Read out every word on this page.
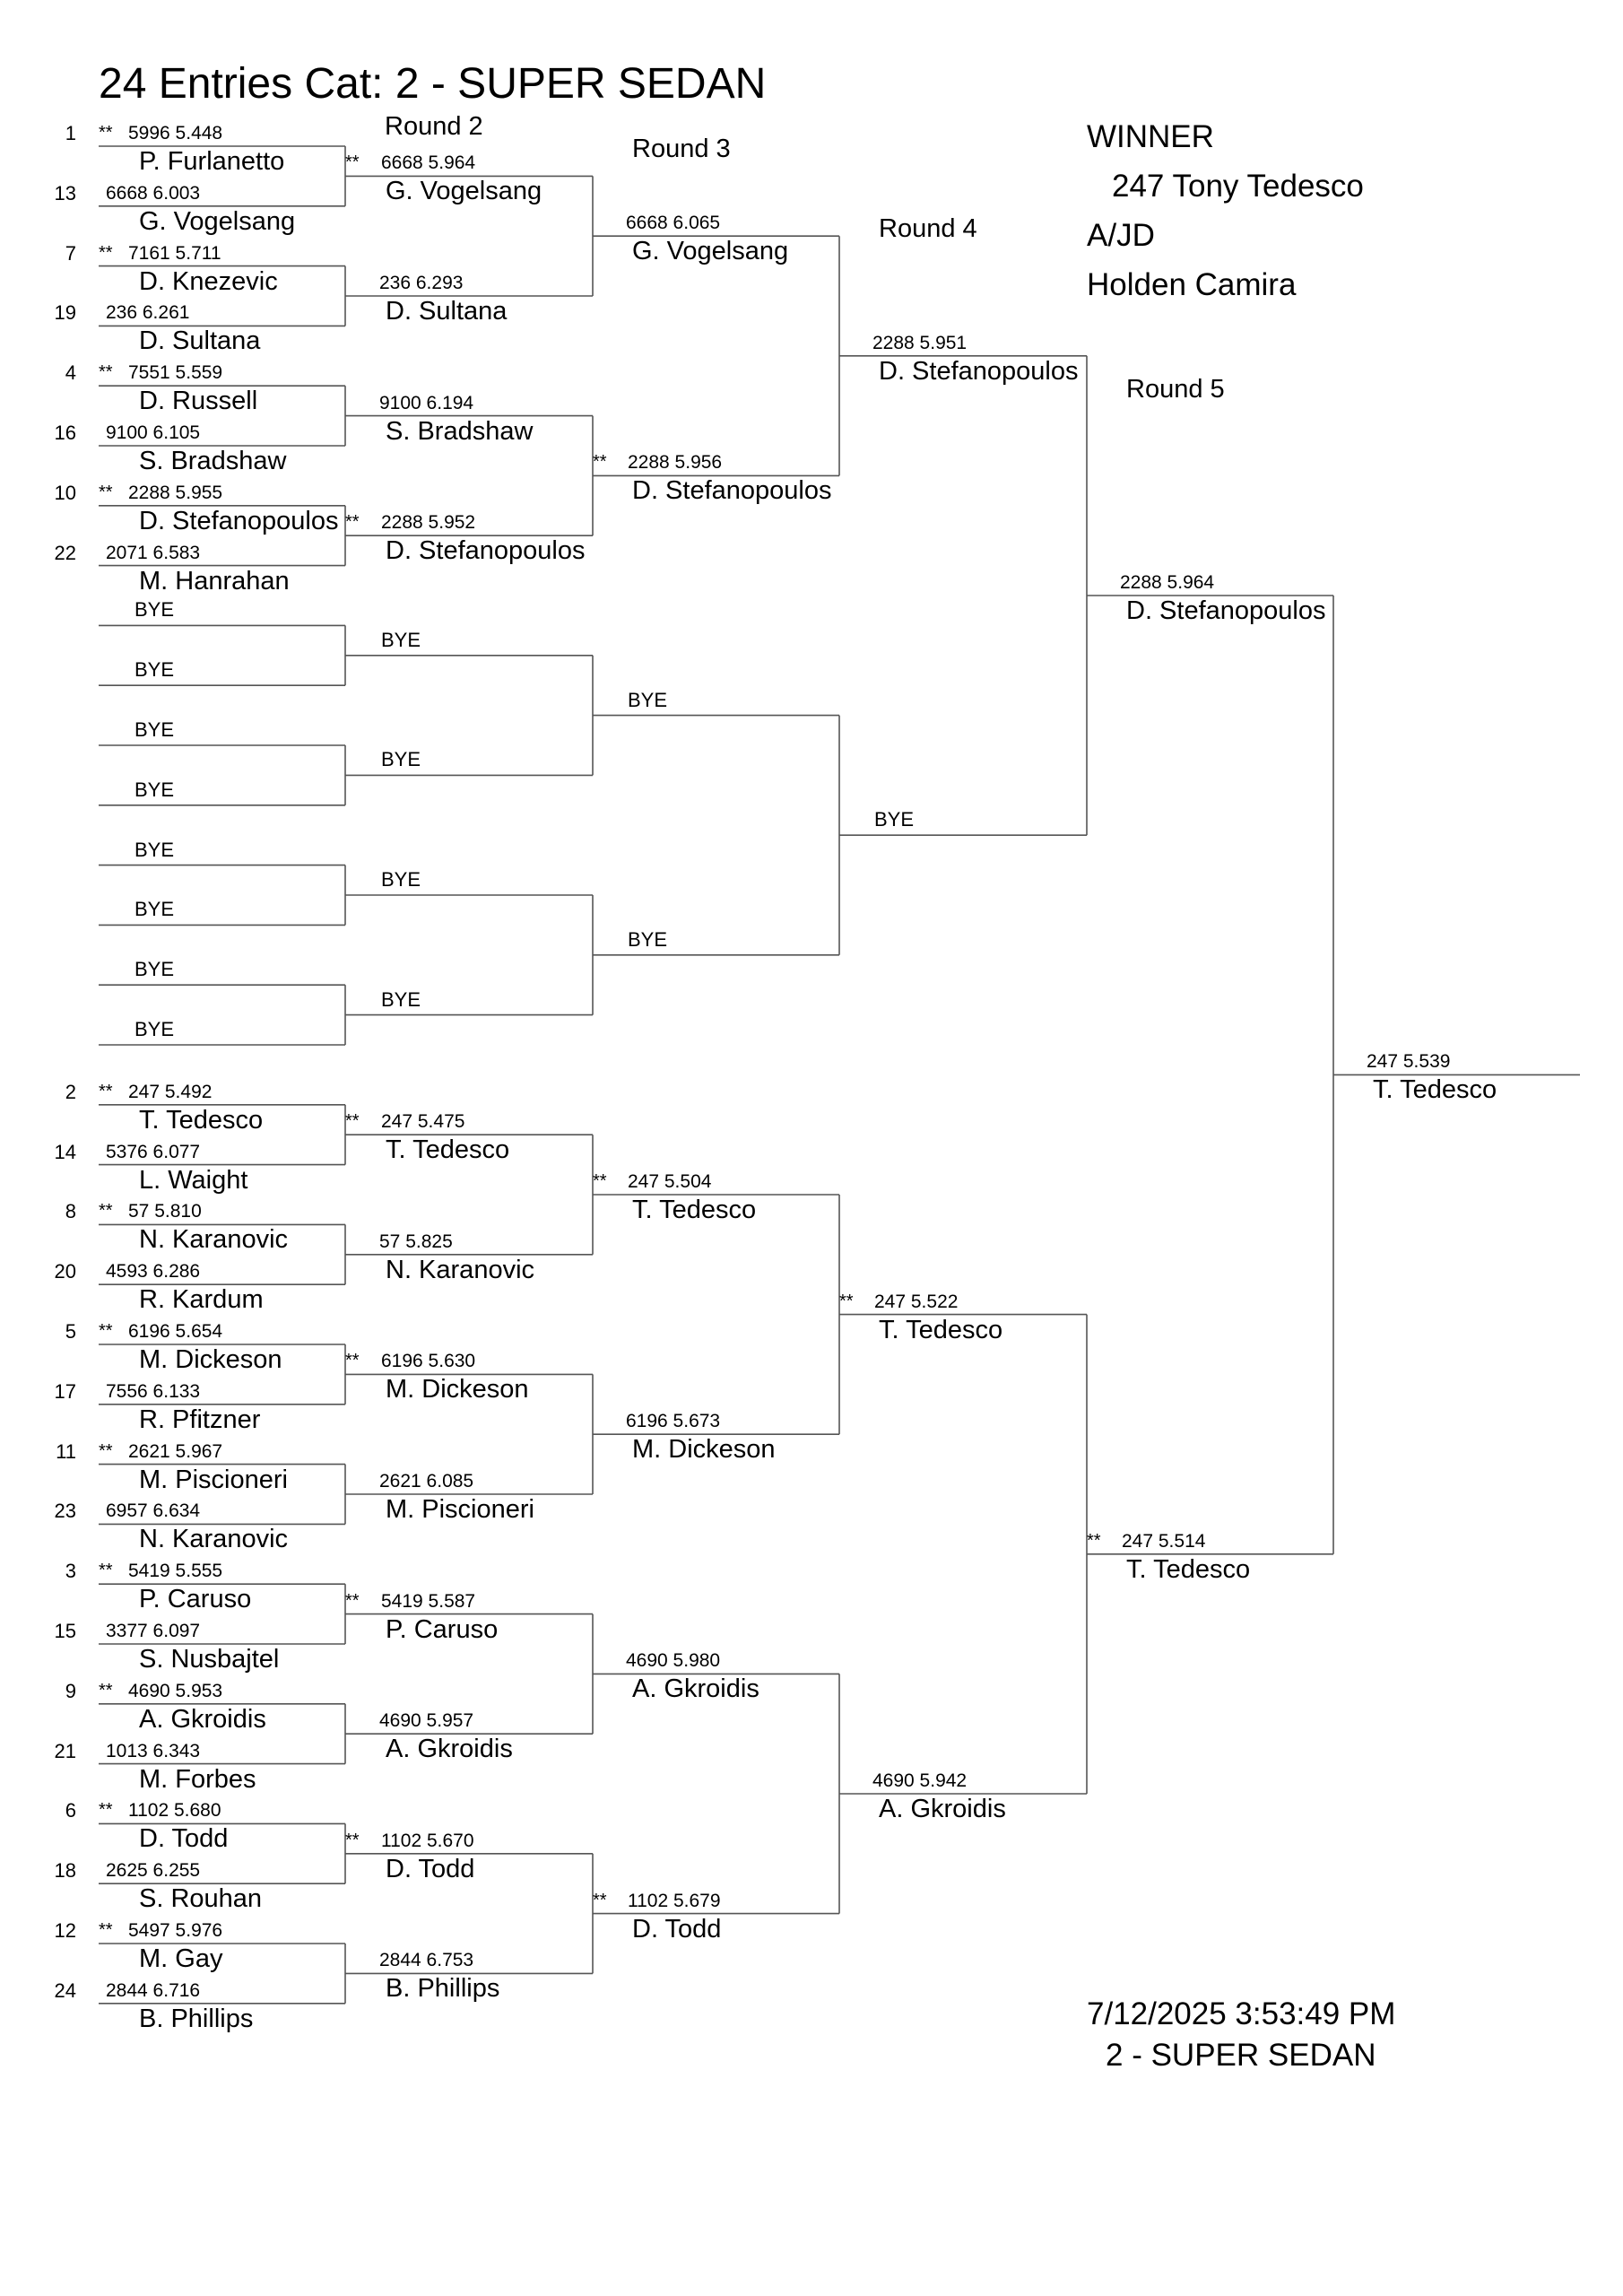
24 Entries Cat: 2 - SUPER SEDAN
Round 2
Round 3
Round 4
Round 5
WINNER
247 Tony Tedesco
A/JD
Holden Camira
7/12/2025 3:53:49 PM
2 - SUPER SEDAN
1 ** 5996 5.448
P. Furlanetto
13 6668 6.003
G. Vogelsang
7 ** 7161 5.711
D. Knezevic
19 236 6.261
D. Sultana
4 ** 7551 5.559
D. Russell
16 9100 6.105
S. Bradshaw
10 ** 2288 5.955
D. Stefanopoulos
22 2071 6.583
M. Hanrahan
BYE
BYE
BYE
BYE
BYE
BYE
BYE
BYE
2 ** 247 5.492
T. Tedesco
14 5376 6.077
L. Waight
8 ** 57 5.810
N. Karanovic
20 4593 6.286
R. Kardum
5 ** 6196 5.654
M. Dickeson
17 7556 6.133
R. Pfitzner
11 ** 2621 5.967
M. Piscioneri
23 6957 6.634
N. Karanovic
3 ** 5419 5.555
P. Caruso
15 3377 6.097
S. Nusbajtel
9 ** 4690 5.953
A. Gkroidis
21 1013 6.343
M. Forbes
6 ** 1102 5.680
D. Todd
18 2625 6.255
S. Rouhan
12 ** 5497 5.976
M. Gay
24 2844 6.716
B. Phillips
** 6668 5.964
G. Vogelsang
236 6.293
D. Sultana
9100 6.194
S. Bradshaw
** 2288 5.952
D. Stefanopoulos
BYE
BYE
BYE
BYE
** 247 5.475
T. Tedesco
57 5.825
N. Karanovic
** 6196 5.630
M. Dickeson
2621 6.085
M. Piscioneri
** 5419 5.587
P. Caruso
4690 5.957
A. Gkroidis
** 1102 5.670
D. Todd
2844 6.753
B. Phillips
6668 6.065
G. Vogelsang
** 2288 5.956
D. Stefanopoulos
BYE
BYE
** 247 5.504
T. Tedesco
6196 5.673
M. Dickeson
4690 5.980
A. Gkroidis
** 1102 5.679
D. Todd
2288 5.951
D. Stefanopoulos
BYE
** 247 5.522
T. Tedesco
4690 5.942
A. Gkroidis
2288 5.964
D. Stefanopoulos
** 247 5.514
T. Tedesco
247 5.539
T. Tedesco
